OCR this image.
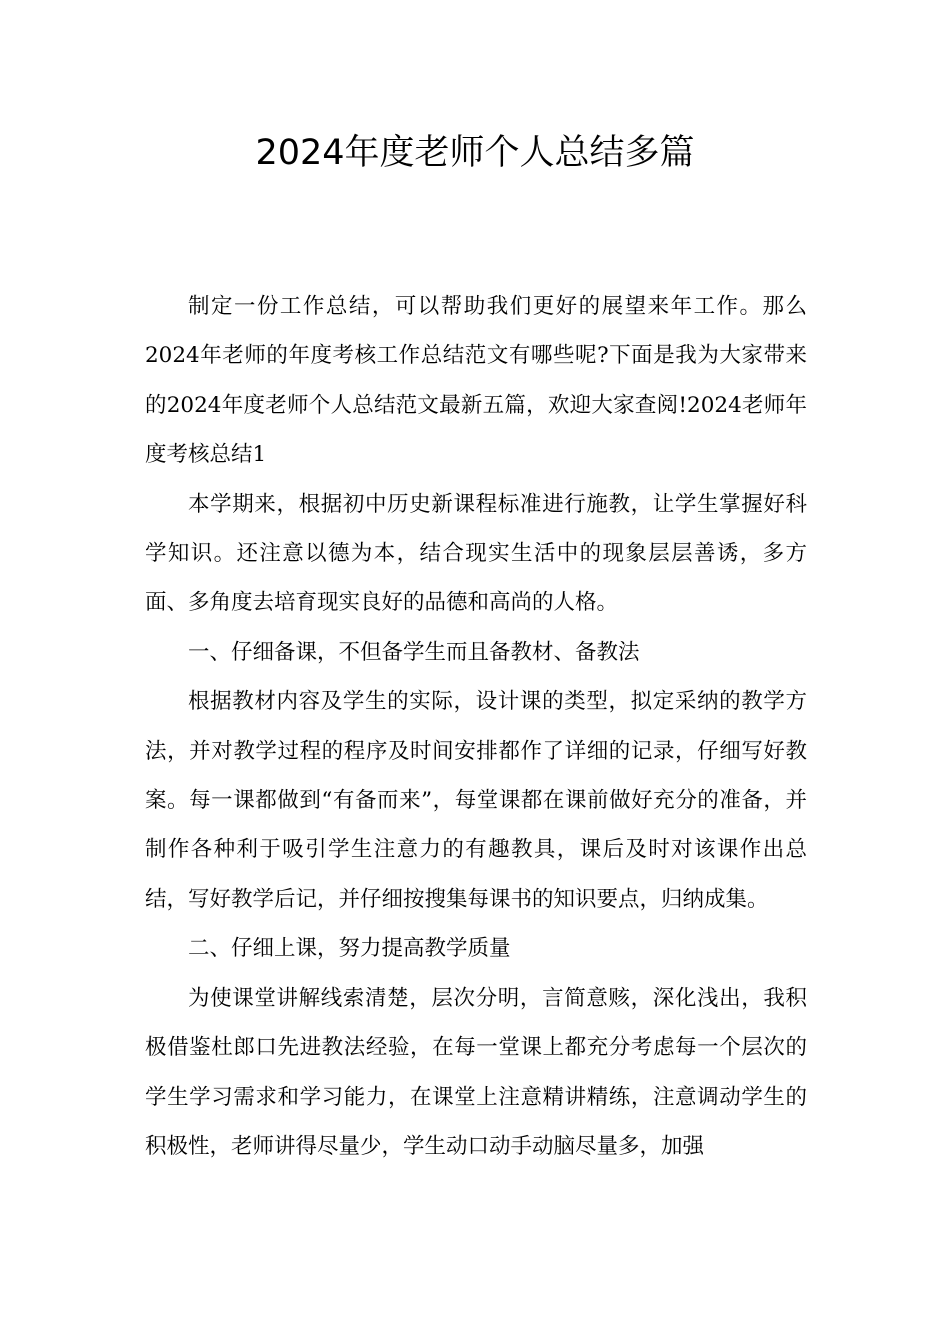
2024年度老师个人总结多篇

制定一份工作总结，可以帮助我们更好的展望来年工作。那么2024年老师的年度考核工作总结范文有哪些呢?下面是我为大家带来的2024年度老师个人总结范文最新五篇，欢迎大家查阅!2024老师年度考核总结1

本学期来，根据初中历史新课程标准进行施教，让学生掌握好科学知识。还注意以德为本，结合现实生活中的现象层层善诱，多方面、多角度去培育现实良好的品德和高尚的人格。

一、仔细备课，不但备学生而且备教材、备教法

根据教材内容及学生的实际，设计课的类型，拟定采纳的教学方法，并对教学过程的程序及时间安排都作了详细的记录，仔细写好教案。每一课都做到“有备而来”，每堂课都在课前做好充分的准备，并制作各种利于吸引学生注意力的有趣教具，课后及时对该课作出总结，写好教学后记，并仔细按搜集每课书的知识要点，归纳成集。

二、仔细上课，努力提高教学质量

为使课堂讲解线索清楚，层次分明，言简意赅，深化浅出，我积极借鉴杜郎口先进教法经验，在每一堂课上都充分考虑每一个层次的学生学习需求和学习能力，在课堂上注意精讲精练，注意调动学生的积极性，老师讲得尽量少，学生动口动手动脑尽量多，加强
